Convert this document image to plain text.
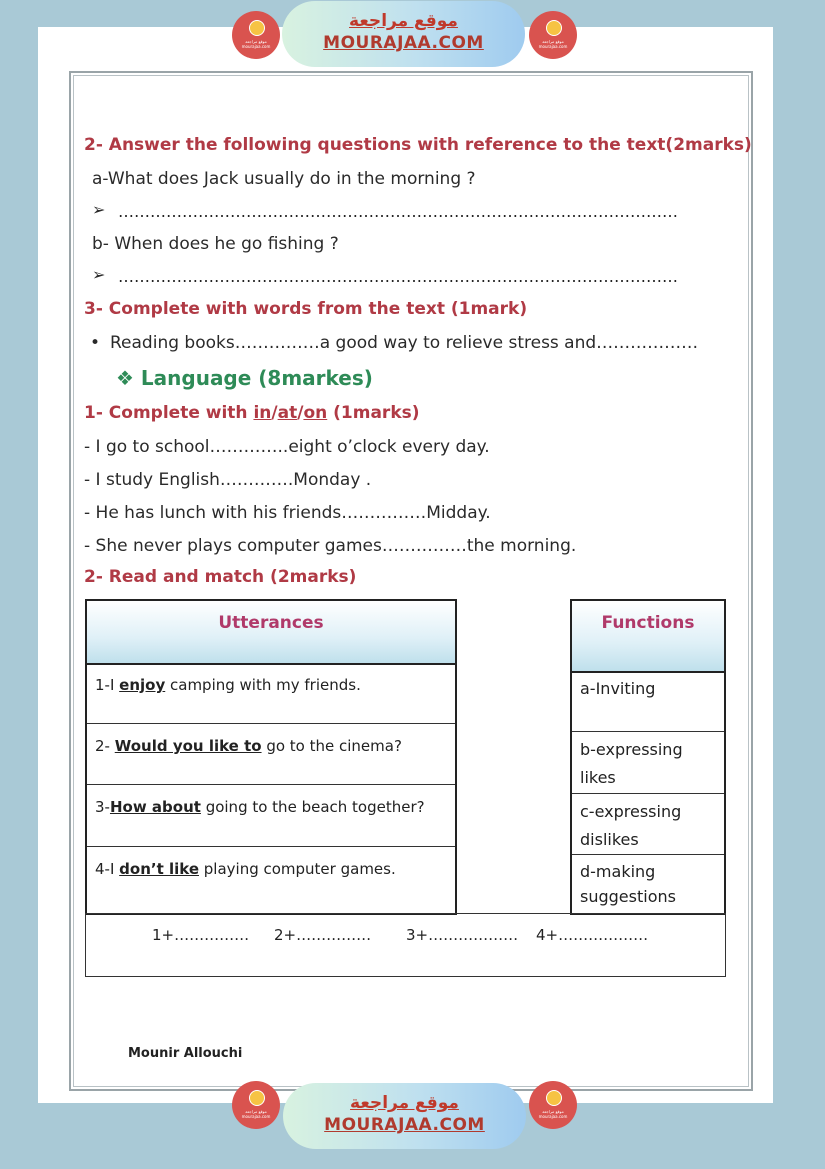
موقع مراجعة mourajaa.com
موقع مراجعة
MOURAJAA.COM	موقع مراجعة mourajaa.com
2- Answer the following questions with reference to the text(2marks)
a-What does Jack usually do in the morning ?
➢ ……………………………………………………………………………………………
b- When does he go fishing ?
➢ ……………………………………………………………………………………………
3- Complete with words from the text (1mark)
• Reading books……………a good way to relieve stress and………………
❖ Language (8markes)
1- Complete with in/at/on (1marks)
- I go to school…………..eight o’clock every day.
- I study English………….Monday .
- He has lunch with his friends……………Midday.
- She never plays computer games……………the morning.
2- Read and match (2marks)
Utterances
1-I enjoy camping with my friends.
2- Would you like to go to the cinema?
3-How about going to the beach together?
4-I don’t like playing computer games.
Functions
a-Inviting
b-expressing likes
c-expressing dislikes
d-making suggestions
1+…………… 2+…………… 3+……………… 4+………………
Mounir Allouchi
موقع مراجعة mourajaa.com
موقع مراجعة
MOURAJAA.COM
موقع مراجعة mourajaa.com
